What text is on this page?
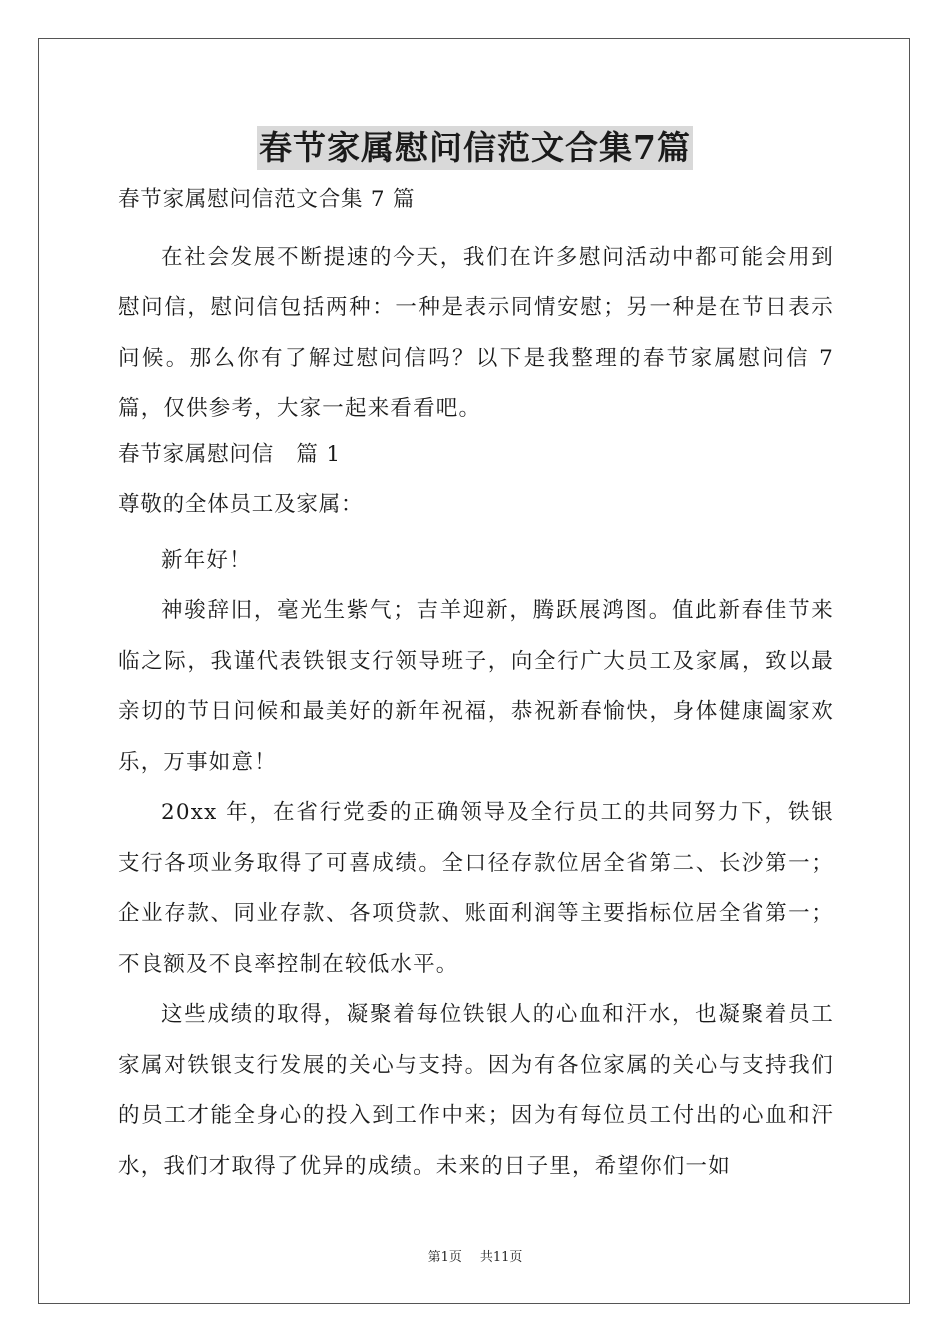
春节家属慰问信范文合集7篇
春节家属慰问信范文合集 7 篇

在社会发展不断提速的今天，我们在许多慰问活动中都可能会用到慰问信，慰问信包括两种：一种是表示同情安慰；另一种是在节日表示问候。那么你有了解过慰问信吗？以下是我整理的春节家属慰问信 7 篇，仅供参考，大家一起来看看吧。

春节家属慰问信　篇 1
尊敬的全体员工及家属：

新年好！

神骏辞旧，毫光生紫气；吉羊迎新，腾跃展鸿图。值此新春佳节来临之际，我谨代表铁银支行领导班子，向全行广大员工及家属，致以最亲切的节日问候和最美好的新年祝福，恭祝新春愉快，身体健康阖家欢乐，万事如意！

20xx 年，在省行党委的正确领导及全行员工的共同努力下，铁银支行各项业务取得了可喜成绩。全口径存款位居全省第二、长沙第一；企业存款、同业存款、各项贷款、账面利润等主要指标位居全省第一；不良额及不良率控制在较低水平。

这些成绩的取得，凝聚着每位铁银人的心血和汗水，也凝聚着员工家属对铁银支行发展的关心与支持。因为有各位家属的关心与支持我们的员工才能全身心的投入到工作中来；因为有每位员工付出的心血和汗水，我们才取得了优异的成绩。未来的日子里，希望你们一如

第1页 共11页
